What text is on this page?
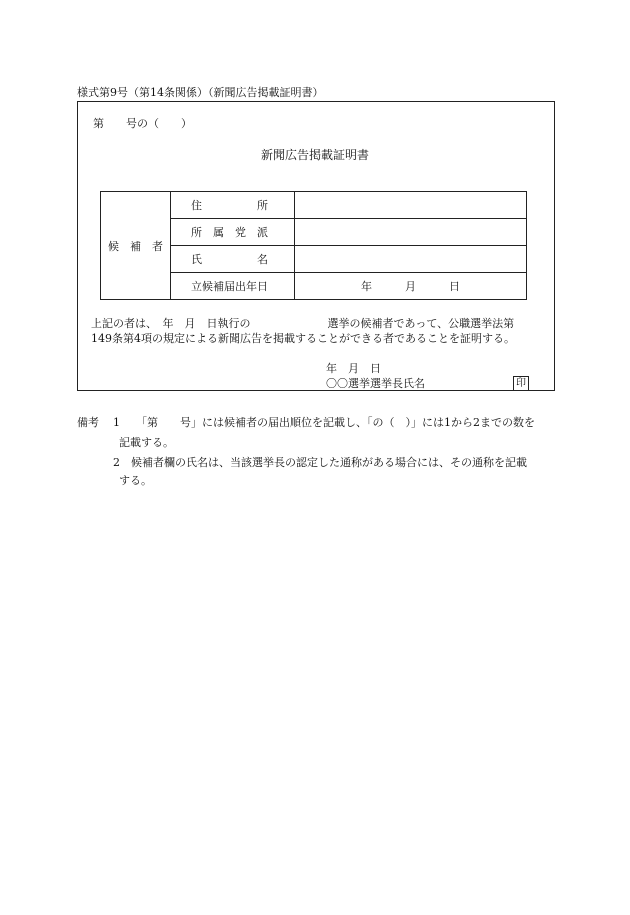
様式第9号（第14条関係）（新聞広告掲載証明書）
第　　号の（　　）
新聞広告掲載証明書
候　補　者	住　　　　　所	
	所　属　党　派	
	氏　　　　　名	
	立候補届出年日	年　　　月　　　日
上記の者は、　年　月　日執行の　　　　　　　選挙の候補者であって、公職選挙法第
149条第4項の規定による新聞広告を掲載することができる者であることを証明する。
年　月　日
〇〇選挙選挙長氏名	印
備考 1 「第　　号」には候補者の届出順位を記載し、「の（　）」には1から2までの数を
記載する。
2 候補者欄の氏名は、当該選挙長の認定した通称がある場合には、その通称を記載
する。
